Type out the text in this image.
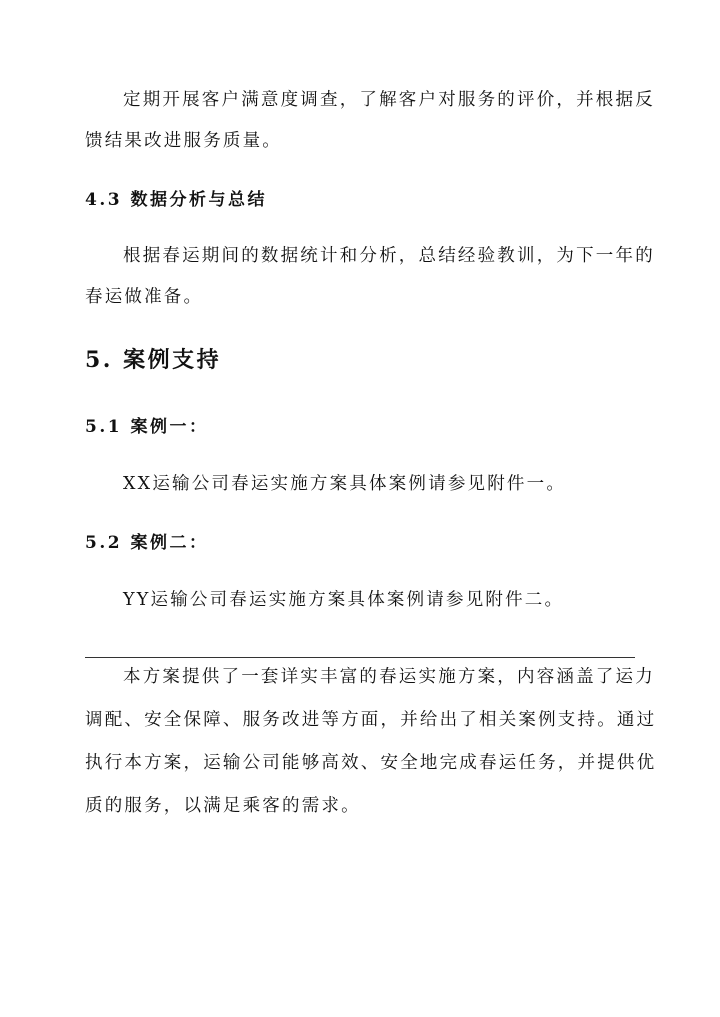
定期开展客户满意度调查，了解客户对服务的评价，并根据反
馈结果改进服务质量。
4.3 数据分析与总结
根据春运期间的数据统计和分析，总结经验教训，为下一年的
春运做准备。
5. 案例支持
5.1 案例一：
XX运输公司春运实施方案具体案例请参见附件一。
5.2 案例二：
YY运输公司春运实施方案具体案例请参见附件二。
本方案提供了一套详实丰富的春运实施方案，内容涵盖了运力
调配、安全保障、服务改进等方面，并给出了相关案例支持。通过
执行本方案，运输公司能够高效、安全地完成春运任务，并提供优
质的服务，以满足乘客的需求。
